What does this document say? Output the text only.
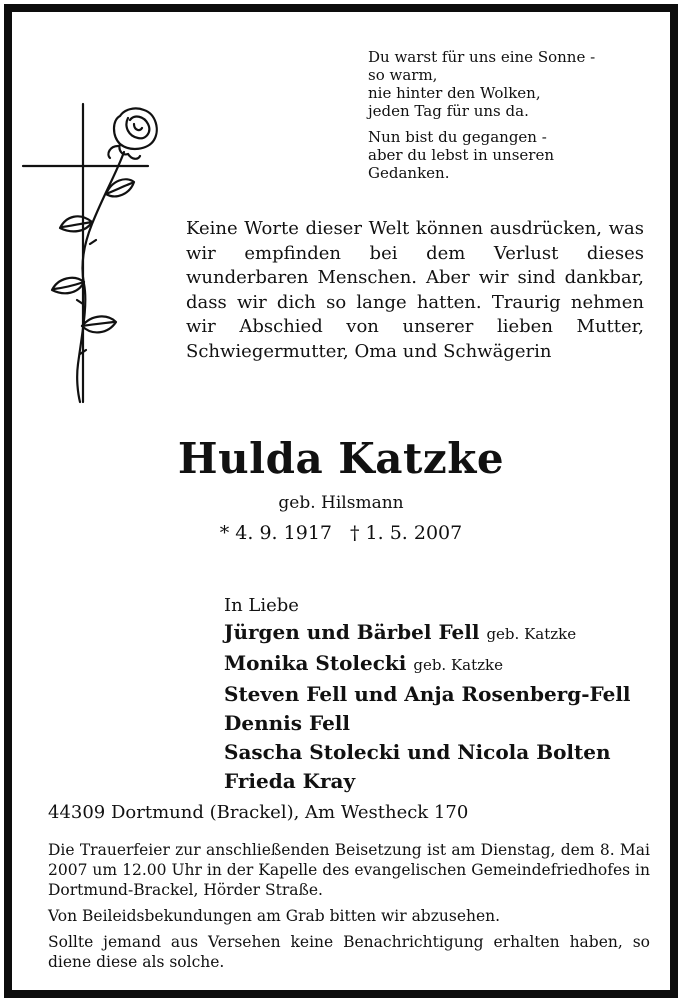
Du warst für uns eine Sonne -
so warm,
nie hinter den Wolken,
jeden Tag für uns da.
Nun bist du gegangen -
aber du lebst in unseren
Gedanken.
Keine Worte dieser Welt können ausdrücken, was wir empfinden bei dem Verlust dieses wunderbaren Menschen. Aber wir sind dankbar, dass wir dich so lange hatten. Traurig nehmen wir Abschied von unserer lieben Mutter, Schwiegermutter, Oma und Schwägerin
Hulda Katzke
geb. Hilsmann
* 4. 9. 1917 † 1. 5. 2007
In Liebe
Jürgen und Bärbel Fell geb. Katzke
Monika Stolecki geb. Katzke
Steven Fell und Anja Rosenberg-Fell
Dennis Fell
Sascha Stolecki und Nicola Bolten
Frieda Kray
44309 Dortmund (Brackel), Am Westheck 170

Die Trauerfeier zur anschließenden Beisetzung ist am Dienstag, dem 8. Mai 2007 um 12.00 Uhr in der Kapelle des evangelischen Gemeindefriedhofes in Dortmund-Brackel, Hörder Straße.

Von Beileidsbekundungen am Grab bitten wir abzusehen.

Sollte jemand aus Versehen keine Benachrichtigung erhalten haben, so diene diese als solche.
